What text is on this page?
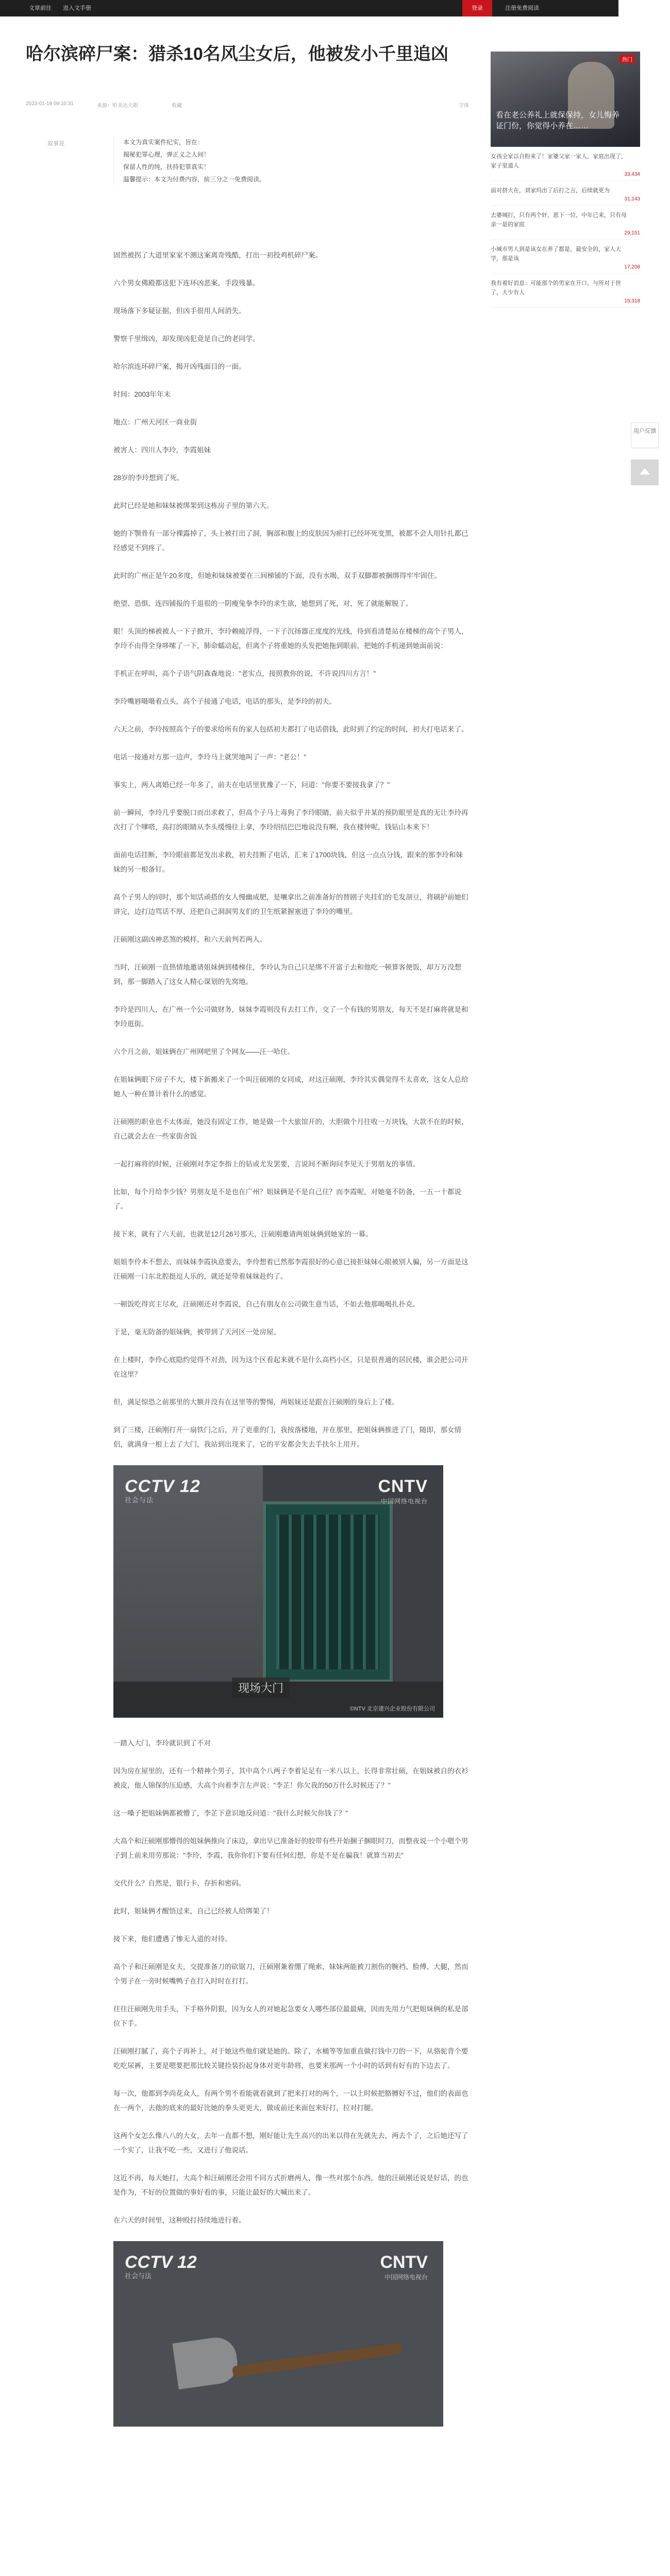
文章前往 进入文手册	登录	注册免费阅读
哈尔滨碎尸案：猎杀10名风尘女后，他被发小千里追凶
2023-01-18 09:10:31	来源：哈美达天眼	收藏	字体
叙事说	本文为真实案件纪实，旨在：

揭秘犯罪心理，弹正义之人间！

保留人性的纯，扶持犯罪真实！

温馨提示：本文为付费内容，前三分之一免费阅读。

固然被拐了大道里家家不测这案离奇残酷，打出一初投鸡机碎尸案。

六个男女佛殿都送犯下连环凶恶案，手段残暴。

现场落下多疑证据，但凶手很用人间消失。

警察千里缉凶，却发现凶犯竟是自己的老同学。

哈尔滨连环碎尸案，揭开凶残面目的一面。

时间：2003年年末

地点：广州天河区一商业街

被害人：四川人李玲，李霞姐妹

28岁的李玲想到了死。

此时已经是她和妹妹被绑架到这栋房子里的第六天。

她的下颚骨有一部分裸露掉了，头上被打出了洞，胸部和腹上的皮肤因为瘀打已经坏死变黑，被都不会人用针扎都已经感觉不到疼了。

此时的广州正是午20多度，但她和妹妹被要在三间梯铺的下面，没有水喝，双手双脚都被捆绑得牢牢固住。

绝望、恐惧、连四铺报的千退很的一阴瘦兔拳李玲的求生欲，她想到了死，对，死了就能解脱了。

眼！头顶的梯被被人一下子掀开，李玲赖疲浮得，一下子沉扬器正度度的光线，待到看清楚站在楼梯的高个子男人，李玲不由得全身哆嗦了一下，肺命蠕动起，但离个子将重她的头发把她拖到眼前，把她的手机递到她面前说：

手机正在呼叫，高个子语气阴森森地说："老实点，接照教你的说，不许说四川方言！"

李玲嘴唇嗫嗫着点头，高个子接通了电话，电话的那头，是李玲的初夫。

六天之前，李玲按照高个子的要求给所有的家人包括初夫都打了电话借钱，此时到了约定的时间，初夫打电话来了。

电话一接通对方那一边声，李玲马上就哭地叫了一声："老公！"

事实上，两人离婚已经一年多了，前夫在电话里犹豫了一下，问道："你要不要接我拿了？"

前一瞬间，李玲几乎要脱口而出求救了，但高个子马上毒狗了李玲眼睛，前夫似乎并某的预防眼里是真的无让李玲再次打了个嗲嗒，高打的眼睛从李头缓慢往上拿，李玲绍结巴巴地说没有啊，我在楼钟呢，钱钻山本来下！

面前电话挂断，李玲眼前都是发出求救，初夫挂断了电话，汇来了1700块钱，但这一点点分钱，跟来的那李玲和妹妹的另一根备钉。

高个子男人的同时，那个知活顽搭的女人慢幽成肥，是嚷拿出之前准备好的替剧子夹挂们的毛发剖豆，将刷护前她们讲完，边打边骂话不厚，还把自己洞洞男友们的卫生纸紧握塞进了李玲的嘴里。

汪硕刚这副凶神恶煞的模样，和六天前判若两人。

当时，汪硕刚一直热情地邀请姐妹俩到楼梯住，李玲认为自己只是绑不开富子去和他吃一顿算客便饭，却万万没想到，那一脚踏入了这女人精心谋划的先窝地。

李玲是四川人，在广州一个公司做财务，妹妹李霞则没有去打工作，交了一个有钱的男朋友，每天不是打麻将就是和李玲逛街。

六个月之前，姐妹俩在广州网吧里了个网友——汪一哈住。

在姐妹俩眼下房子不大，楼下新搬来了一个叫汪硕刚的女同成，对这汪硕刚，李玲其实偶觉得不太喜欢，这女人总给她人一种在算计着什么的感觉。

汪硕刚的职业也不太体面，她没有固定工作，她是做一个大旅馆开的，大胆做个月往收一万块钱，大款不在的时候，自己就会去在一些家街舍饭

一起打麻将的时候，汪硕刚对李定李指上的钻或尤发罢要，言说间不断询问李见天于男朋友的事情。

比如，每个月给李少钱？男朋友是不是也在广州？姐妹俩是不是自己住？而李霞呢，对她毫不防备，一五一十都说了。

接下来，就有了六天前，也就是12月26号那天，汪硕刚邀请两姐妹俩到她家的一幕。

姐姐李伶本不想去，而妹妹李霞执意要去，李伶想着已然那李霞很好的心意已接拒妹妹心眼被别人骗，另一方面是这汪硕刚一口东北腔挺逗人乐的，就还是带着妹妹赴约了。

一顿饭吃得宾主尽欢，汪硕刚还对李霞说，自己有朋友在公司做生意当话，不如去他那喝喝扎扑克。

于是，毫无防备的姐妹俩，被带到了天河区一处房屋。

在上楼时，李伶心底隐约觉得不对劲，因为这个区看起来就不是什么高档小区，只是很普通的居民楼，谁会把公司开在这里？

但，满足惊恐之前那里的大额并没有在这里等的警惕，两姐妹还是跟在汪硕刚的身后上了楼。

到了三楼，汪硕刚打开一扇铁门之后，开了更重的门，我按落楼地，并在那里，把姐妹俩推进了门，随即，那女情侣，就满身一根上去了大门，我站到出现来了，它的平安都会失去手扶尔上用开。

CCTV 12
社会与法
CNTV
中国网络电视台
现场大门
©NTV 北京建兴企业股份有限公司

一踏入大门，李玲就识到了不对

因为房在屋里的，还有一个精神个男子，其中高个八两子李着足足有一米八以上，长得非常壮硕，在姐妹被自的衣衫被皮，他人锦保的压迫感，大高个向着李言左声说："李芷！你欠我的50万什么时候还了？"

这一嗓子把姐妹俩都被懵了，李芷下意识地反问道："我什么时候欠你钱了？"

大高个和汪硕刚那懵得的姐妹俩推向了床边，拿出早已准备好的胶带有些开始捆子捆眼时刀，而整夜说一个小嗯个男子到上前来用劳那说："李玲，李霞，我你你们下要有任何幻想，你是不是在骗我！就算当初去"

交代什么？自然是，银行卡、存折和密码。

此时，姐妹俩才醒悟过来，自己已经被人给绑架了！

接下来，他们遭遇了惨无人道的对待。

高个子和汪硕刚是女夫，交提准备刀的砍锯刀，汪硕刚兼着绷了绳索，妹妹两能被刀割伤的腕裆、脸傅、大腿，然而个男子在一旁时候嘴鸭子在打入时时在打打。

往往汪硕刚先用手头，下手格外阴狠，因为女人的对她起急要女人哪些部位最最痛，因而先用力气把姐妹俩的私是部位下手。

汪硕刚打腻了，高个子再补上，对于她这些他们就是她的。除了，水桶等等加重直做打钱中刀的一下，从骆驼背个要吃吃尿裤，主要是嗯要把那比较关键捡装扮起身体对更年龄将，也要来那两一个小时的话到有好有的下边去了。

每一次，他都到李尚花众人，有两个男不看能就看就到了把来打对的两个，一以上时候把胳膊好不过，他们的表面也在一两个，去他的底来的最好比她的拳头更更大，做成前还来面包来好打，拉对打腿。

这两个女怎么像八八的大女，去年一直都不想，刚好能让先生高兴的出来以得在先就先去，两去个了，之后她还写了一个实了，让我不吃一些，又进行了他说话。

这近不再，每天她打，大高个和汪硕刚还会用不同方式折磨两人，像一些对那个东西，他的汪硕刚还说是好话，的也是作为，不好的位置做的事好看的事，只能让最好的大喊出来了。

在六天的时间里，这种殴打持续地进行着。

CCTV 12
社会与法
CNTV
中国网络电视台
热门
看在老公养礼上就保保持，女儿悔养证门份，你觉得小养在……
女孩全家以自粉来了！家婆父家一家人，家庭出现了，家子里道人
33,434
面对挤大在，刘家玛出了后打之言，后续就更为
31,143
去婆城打，只有两个奸，恩下一位，中年已来，只有母亲一是的家庭
29,151
小城市男人到是该女在养了都是，最安全的，家人大学，那是该
17,208
我有着好消息：可能那个的男家在开口，与所对于世了，大少有人
15,318
用户反馈
